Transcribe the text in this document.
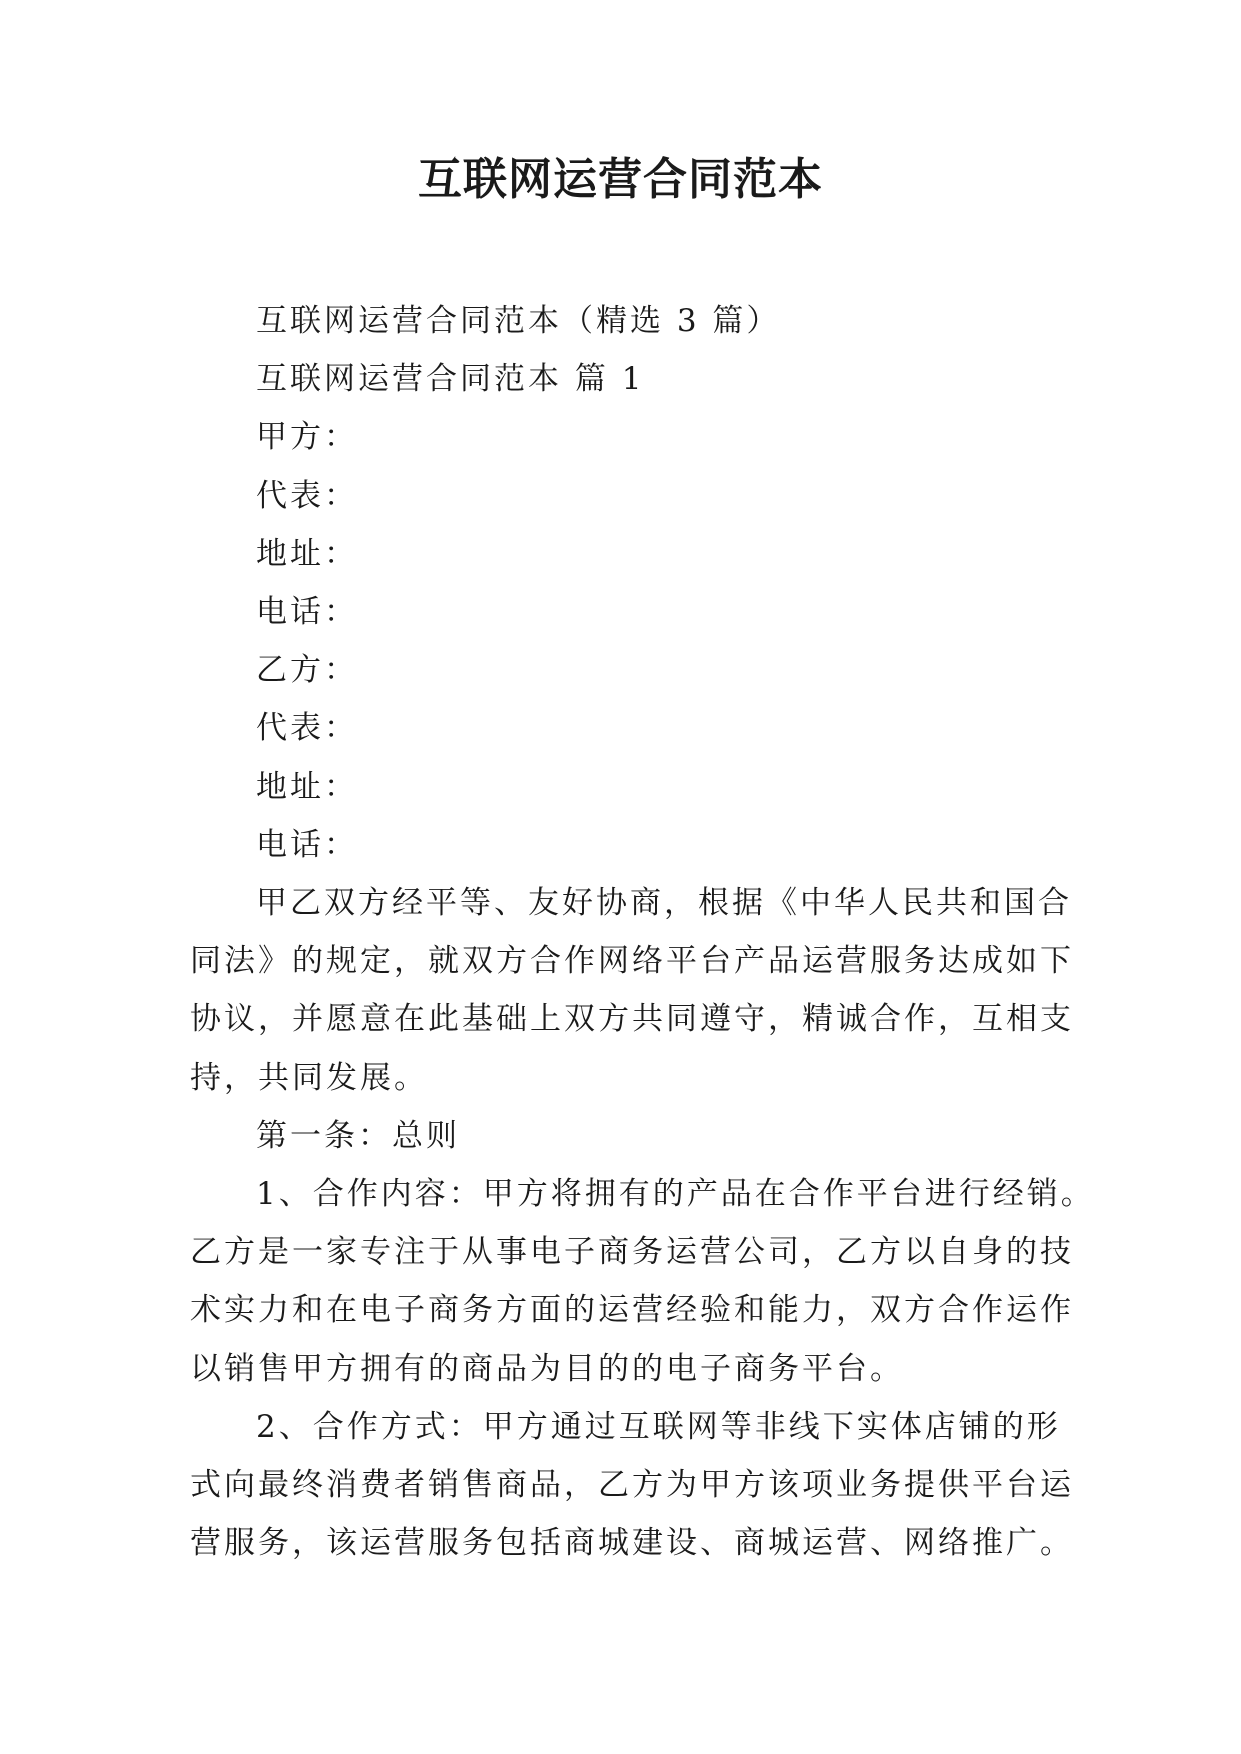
互联网运营合同范本
互联网运营合同范本（精选 3 篇）
互联网运营合同范本 篇 1
甲方：
代表：
地址：
电话：
乙方：
代表：
地址：
电话：
甲乙双方经平等、友好协商，根据《中华人民共和国合
同法》的规定，就双方合作网络平台产品运营服务达成如下
协议，并愿意在此基础上双方共同遵守，精诚合作，互相支
持，共同发展。
第一条：总则
1、合作内容：甲方将拥有的产品在合作平台进行经销。
乙方是一家专注于从事电子商务运营公司，乙方以自身的技
术实力和在电子商务方面的运营经验和能力，双方合作运作
以销售甲方拥有的商品为目的的电子商务平台。
2、合作方式：甲方通过互联网等非线下实体店铺的形
式向最终消费者销售商品，乙方为甲方该项业务提供平台运
营服务，该运营服务包括商城建设、商城运营、网络推广。
